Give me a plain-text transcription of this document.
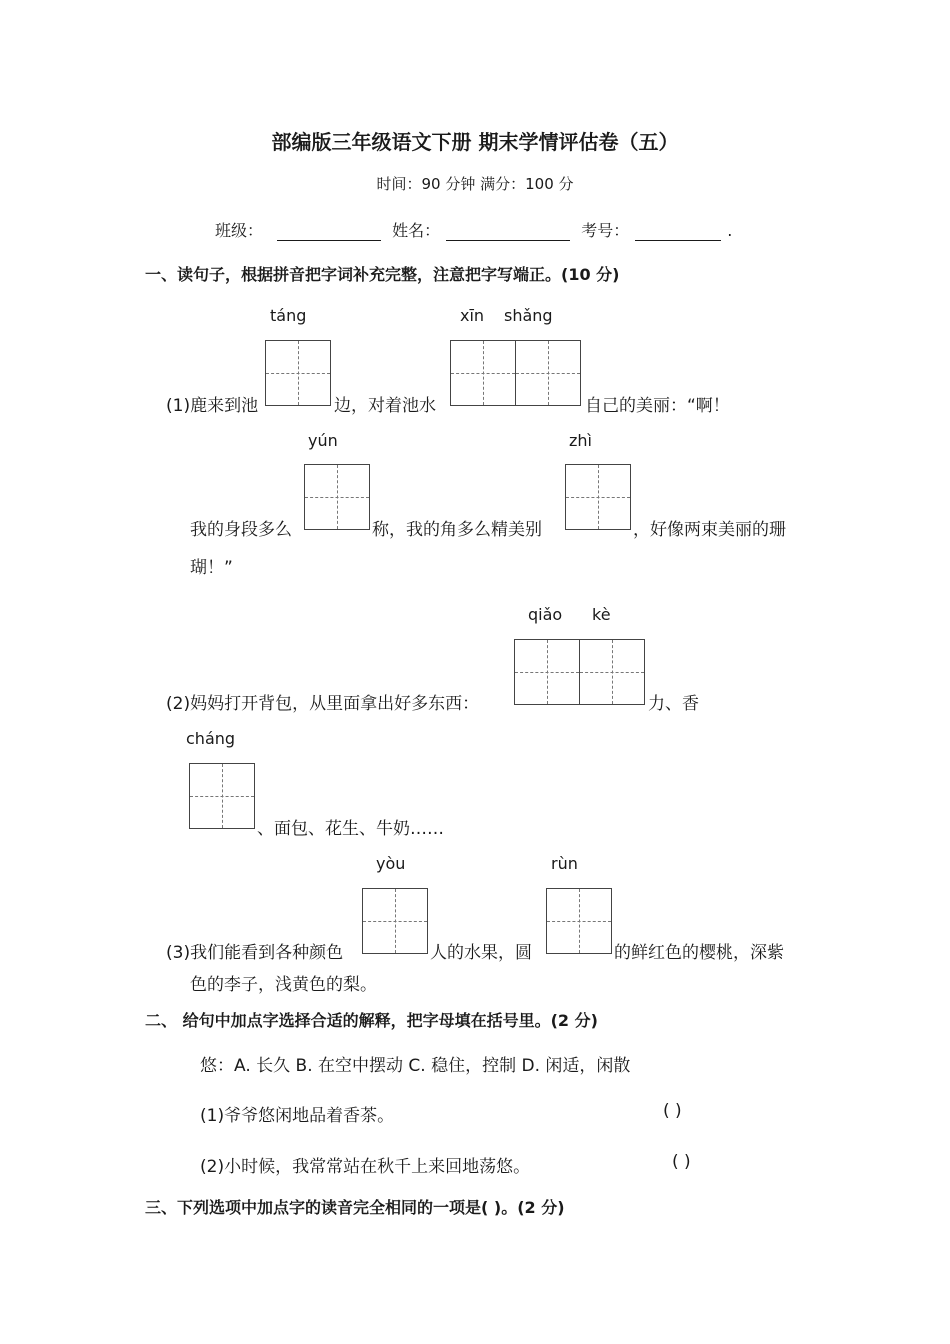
部编版三年级语文下册 期末学情评估卷（五）
时间：90 分钟 满分：100 分
班级：	姓名：	考号：	.
一、读句子，根据拼音把字词补充完整，注意把字写端正。(10 分)
táng	xīn shǎng
(1)鹿来到池	边，对着池水	自己的美丽：“啊！
yún	zhì
我的身段多么	称，我的角多么精美别	，好像两束美丽的珊
瑚！”
qiǎo kè
(2)妈妈打开背包，从里面拿出好多东西：	力、香
cháng
、面包、花生、牛奶……
yòu	rùn
(3)我们能看到各种颜色	人的水果，圆	的鲜红色的樱桃，深紫
色的李子，浅黄色的梨。
二、 给句中加点字选择合适的解释，把字母填在括号里。(2 分)
悠：A. 长久 B. 在空中摆动 C. 稳住，控制 D. 闲适，闲散
(1)爷爷悠闲地品着香茶。	( )
(2)小时候，我常常站在秋千上来回地荡悠。	( )
三、下列选项中加点字的读音完全相同的一项是( )。(2 分)
